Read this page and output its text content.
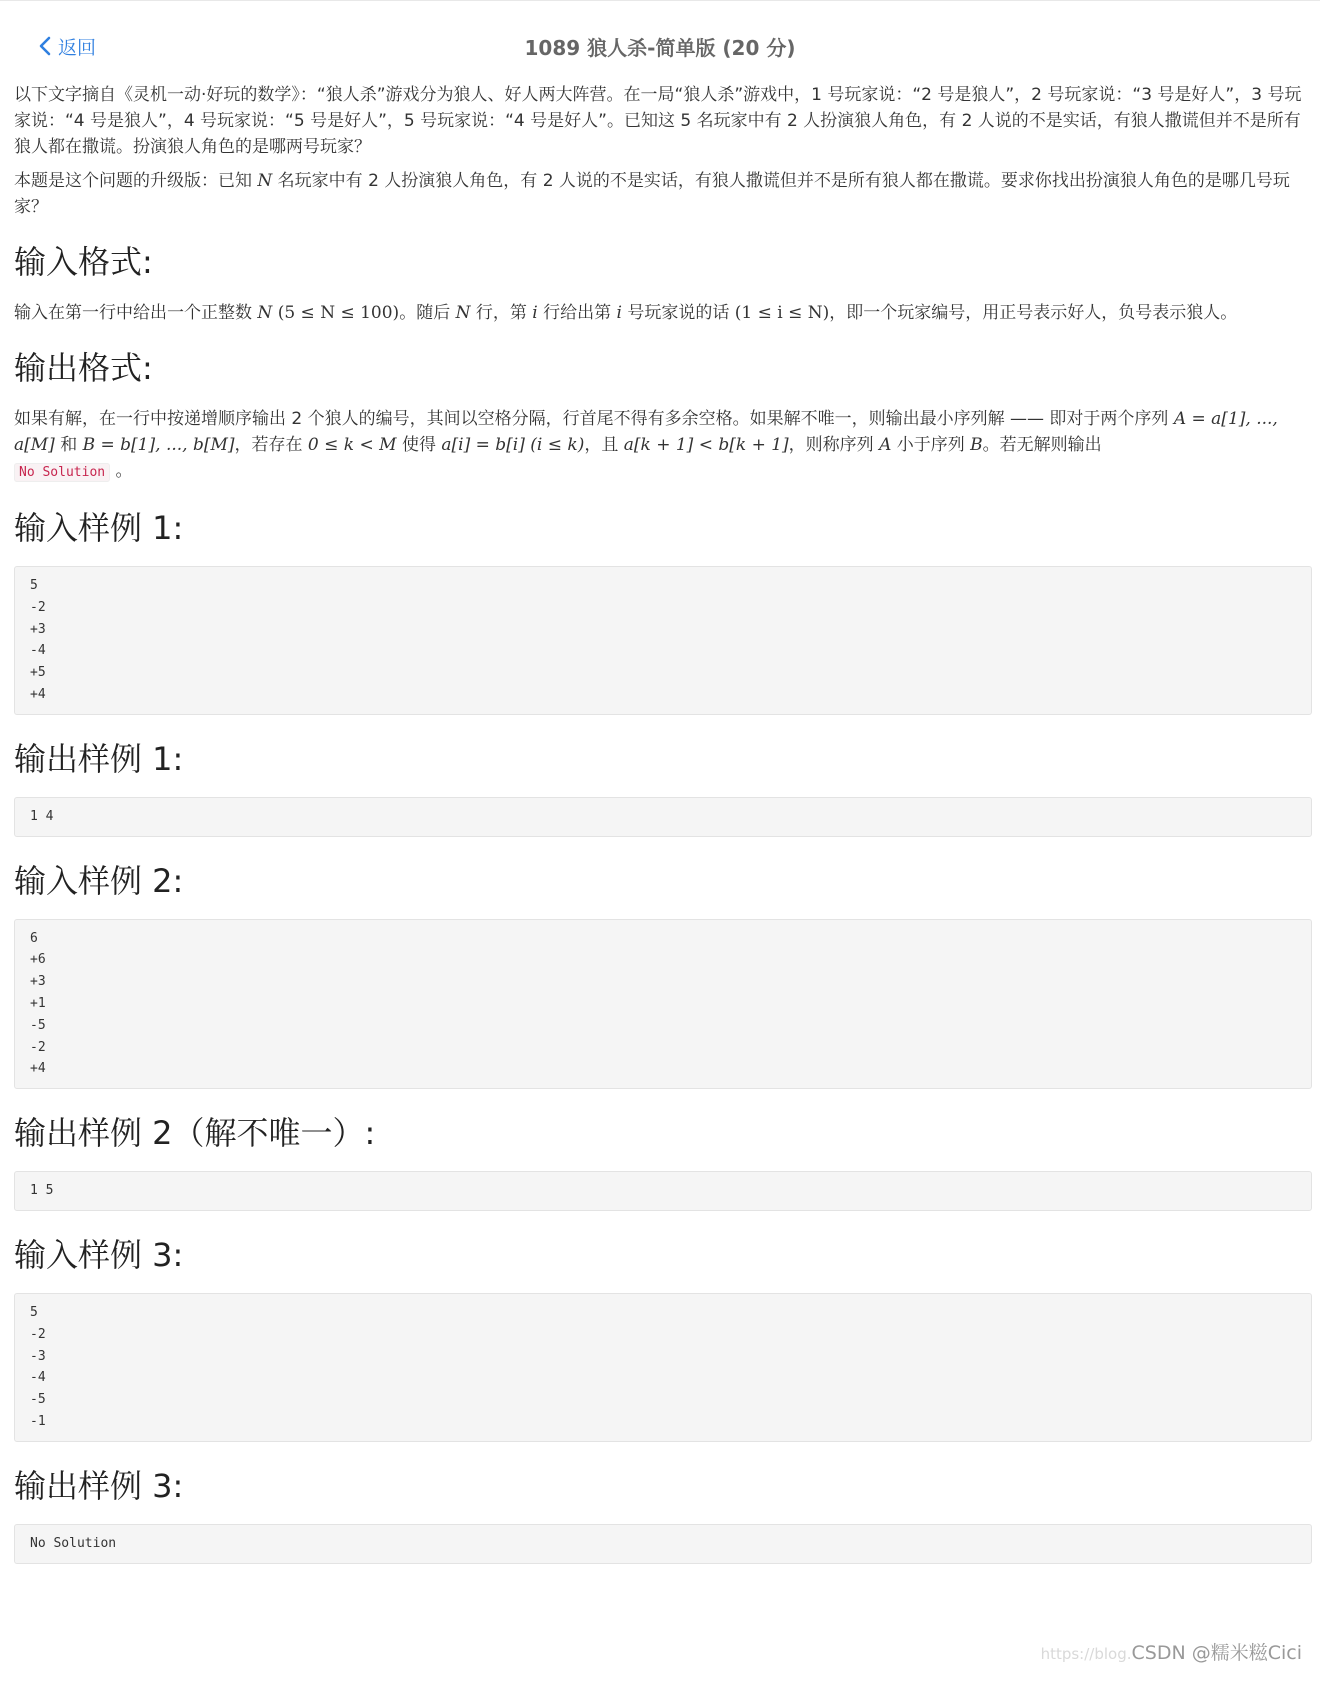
返回	1089 狼人杀-简单版 (20 分)

以下文字摘自《灵机一动·好玩的数学》：“狼人杀”游戏分为狼人、好人两大阵营。在一局“狼人杀”游戏中，1 号玩家说：“2 号是狼人”，2 号玩家说：“3 号是好人”，3 号玩家说：“4 号是狼人”，4 号玩家说：“5 号是好人”，5 号玩家说：“4 号是好人”。已知这 5 名玩家中有 2 人扮演狼人角色，有 2 人说的不是实话，有狼人撒谎但并不是所有狼人都在撒谎。扮演狼人角色的是哪两号玩家？

本题是这个问题的升级版：已知 N 名玩家中有 2 人扮演狼人角色，有 2 人说的不是实话，有狼人撒谎但并不是所有狼人都在撒谎。要求你找出扮演狼人角色的是哪几号玩家？

输入格式:

输入在第一行中给出一个正整数 N (5 ≤ N ≤ 100)。随后 N 行，第 i 行给出第 i 号玩家说的话 (1 ≤ i ≤ N)，即一个玩家编号，用正号表示好人，负号表示狼人。

输出格式:

如果有解，在一行中按递增顺序输出 2 个狼人的编号，其间以空格分隔，行首尾不得有多余空格。如果解不唯一，则输出最小序列解 —— 即对于两个序列 A = a[1], ..., a[M] 和 B = b[1], ..., b[M]，若存在 0 ≤ k < M 使得 a[i] = b[i] (i ≤ k)，且 a[k + 1] < b[k + 1]，则称序列 A 小于序列 B。若无解则输出
No Solution 。

输入样例 1:
5
-2
+3
-4
+5
+4
输出样例 1:
1 4
输入样例 2:
6
+6
+3
+1
-5
-2
+4
输出样例 2（解不唯一）:
1 5
输入样例 3:
5
-2
-3
-4
-5
-1
输出样例 3:
No Solution
https://blog.CSDN @糯米糍Cici
